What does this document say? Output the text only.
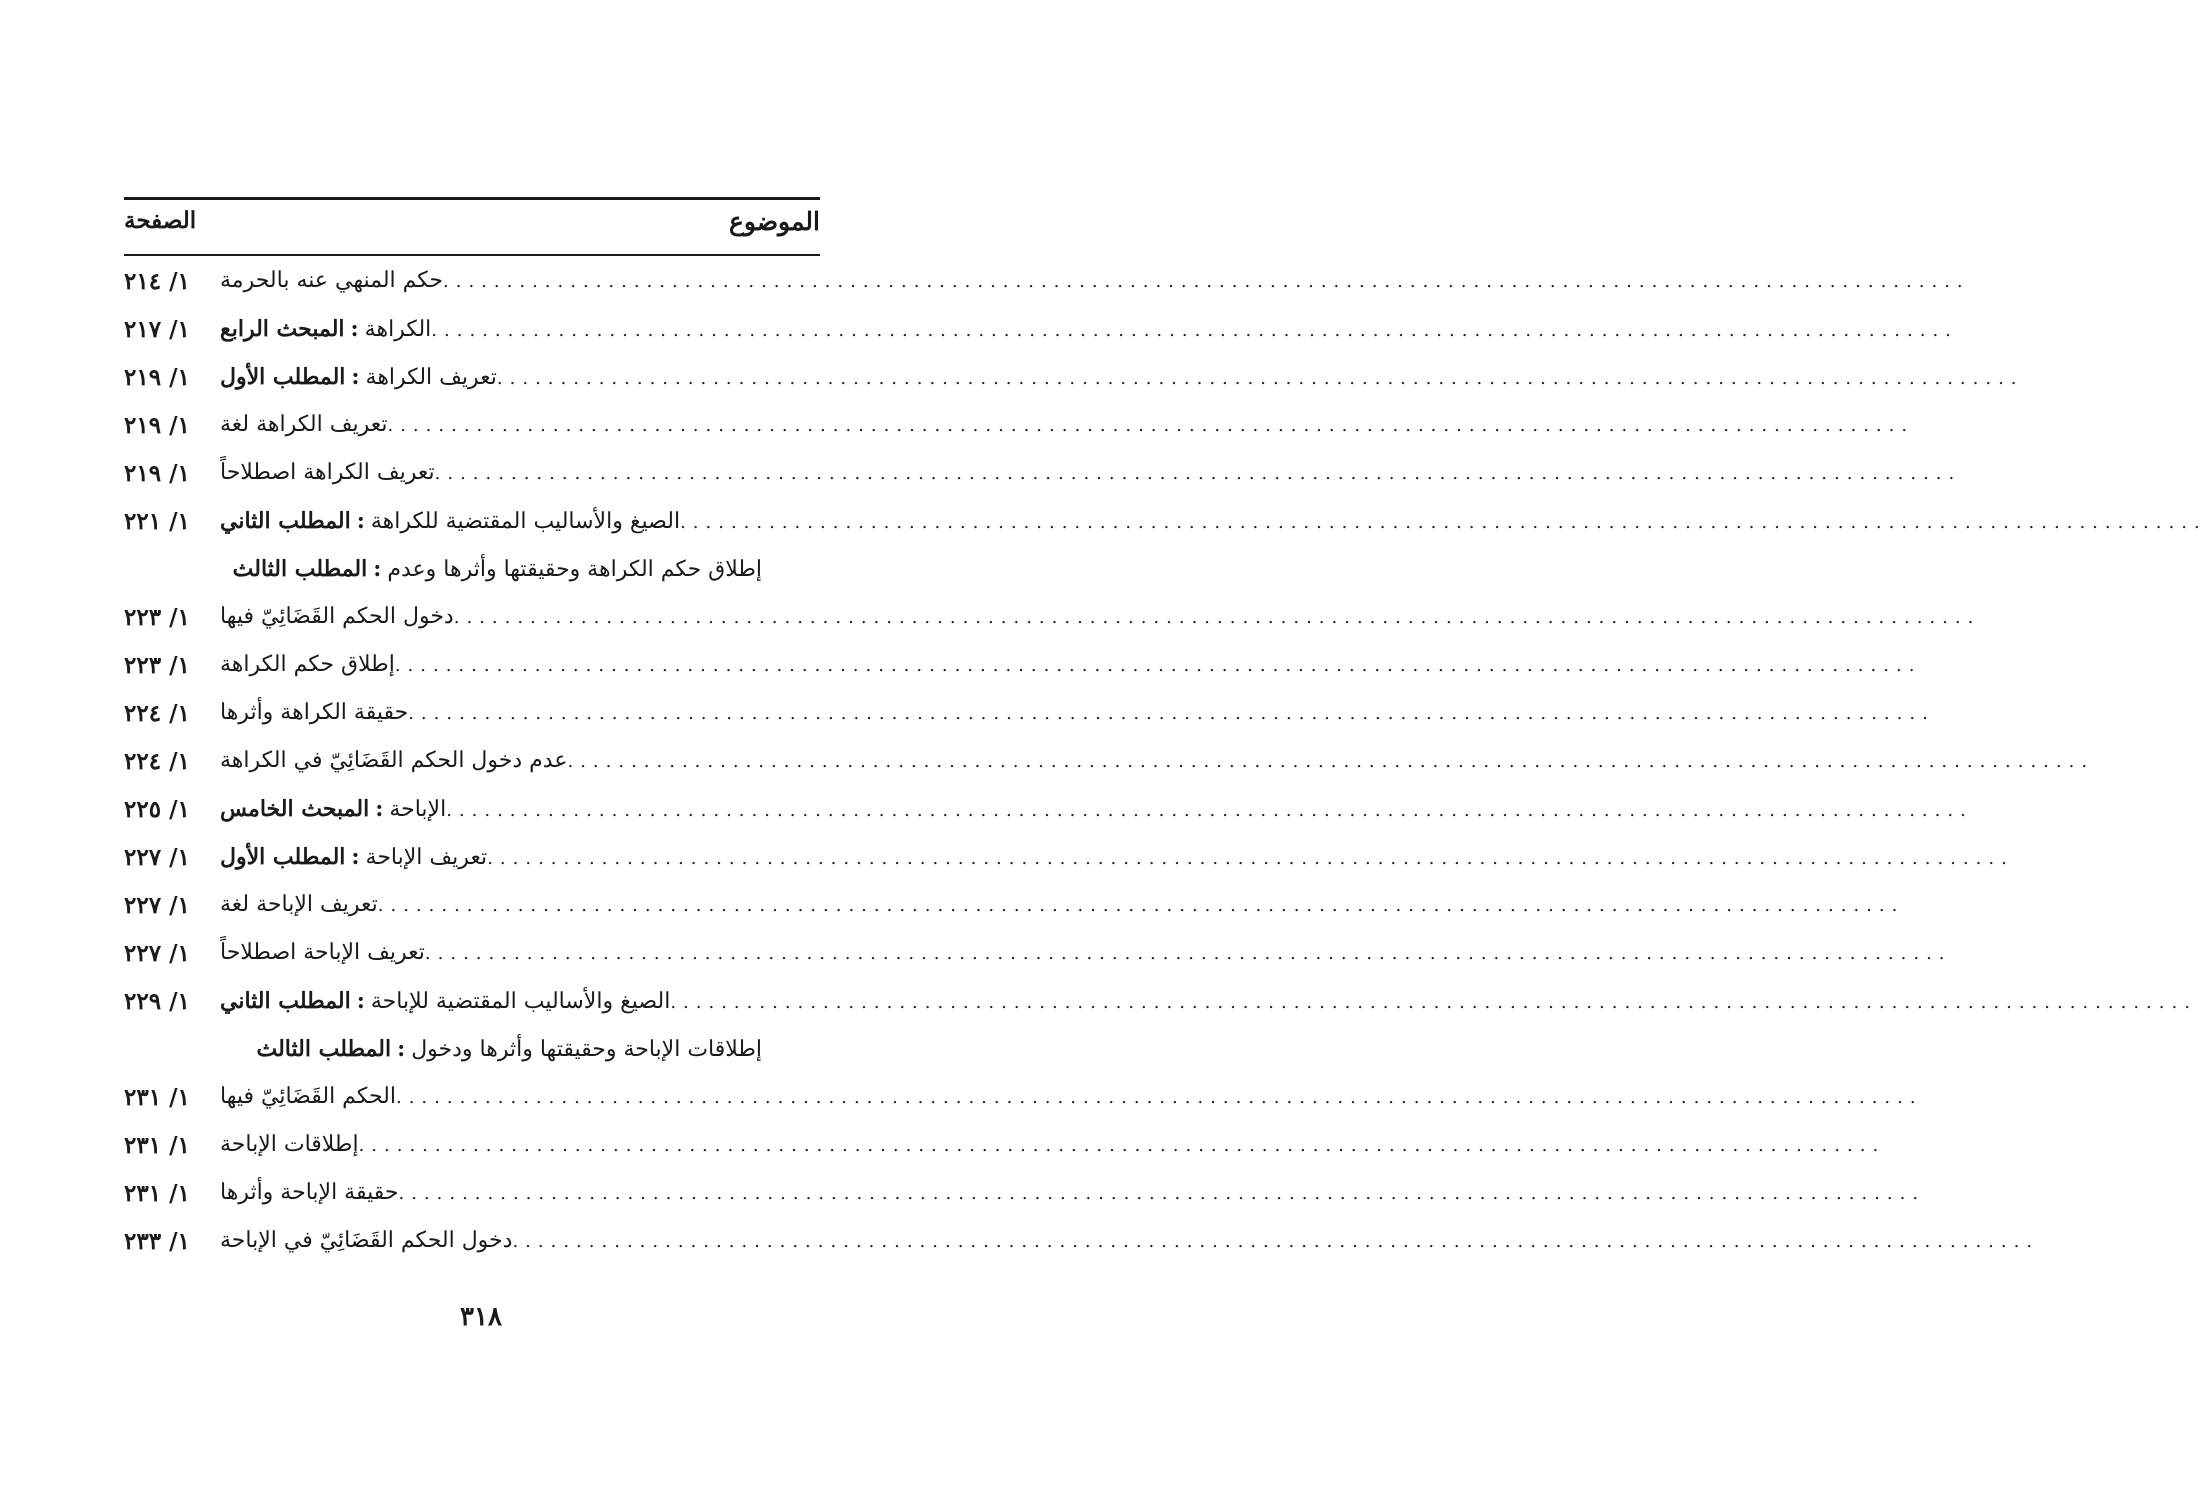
الموضوع
الصفحة
١/ ٢١٤ حكم المنهي عنه بالحرمة ........................................................................................................................
١/ ٢١٧ المبحث الرابع : الكراهة ........................................................................................................................
١/ ٢١٩ المطلب الأول : تعريف الكراهة ........................................................................................................................
١/ ٢١٩ تعريف الكراهة لغة ........................................................................................................................
١/ ٢١٩ تعريف الكراهة اصطلاحاً ........................................................................................................................
١/ ٢٢١ المطلب الثاني : الصيغ والأساليب المقتضية للكراهة ........................................................................................................................
المطلب الثالث : إطلاق حكم الكراهة وحقيقتها وأثرها وعدم
١/ ٢٢٣ دخول الحكم القَضَائِيّ فيها ........................................................................................................................
١/ ٢٢٣ إطلاق حكم الكراهة ........................................................................................................................
١/ ٢٢٤ حقيقة الكراهة وأثرها ........................................................................................................................
١/ ٢٢٤ عدم دخول الحكم القَضَائِيّ في الكراهة ........................................................................................................................
١/ ٢٢٥ المبحث الخامس : الإباحة ........................................................................................................................
١/ ٢٢٧ المطلب الأول : تعريف الإباحة ........................................................................................................................
١/ ٢٢٧ تعريف الإباحة لغة ........................................................................................................................
١/ ٢٢٧ تعريف الإباحة اصطلاحاً ........................................................................................................................
١/ ٢٢٩ المطلب الثاني : الصيغ والأساليب المقتضية للإباحة ........................................................................................................................
المطلب الثالث : إطلاقات الإباحة وحقيقتها وأثرها ودخول
١/ ٢٣١ الحكم القَضَائِيّ فيها ........................................................................................................................
١/ ٢٣١ إطلاقات الإباحة ........................................................................................................................
١/ ٢٣١ حقيقة الإباحة وأثرها ........................................................................................................................
١/ ٢٣٣ دخول الحكم القَضَائِيّ في الإباحة ........................................................................................................................
٣١٨
